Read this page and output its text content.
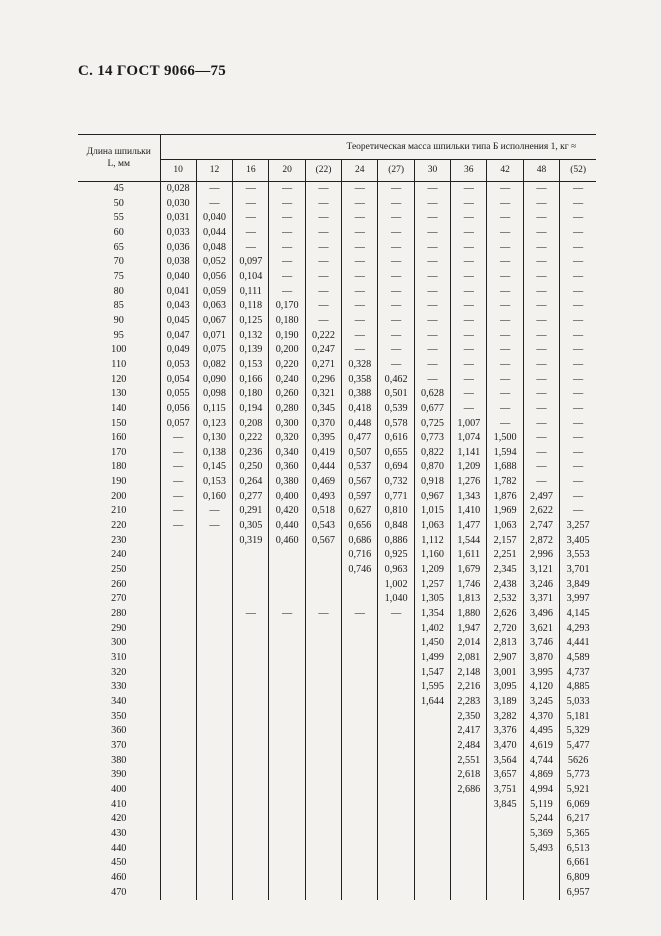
С. 14 ГОСТ 9066—75
Длина шпильки
L, мм	Теоретическая масса шпильки типа Б исполнения 1, кг ≈											
	10	12	16	20	(22)	24	(27)	30	36	42	48	(52)
45	0,028	—	—	—	—	—	—	—	—	—	—	—
50	0,030	—	—	—	—	—	—	—	—	—	—	—
55	0,031	0,040	—	—	—	—	—	—	—	—	—	—
60	0,033	0,044	—	—	—	—	—	—	—	—	—	—
65	0,036	0,048	—	—	—	—	—	—	—	—	—	—
70	0,038	0,052	0,097	—	—	—	—	—	—	—	—	—
75	0,040	0,056	0,104	—	—	—	—	—	—	—	—	—
80	0,041	0,059	0,111	—	—	—	—	—	—	—	—	—
85	0,043	0,063	0,118	0,170	—	—	—	—	—	—	—	—
90	0,045	0,067	0,125	0,180	—	—	—	—	—	—	—	—
95	0,047	0,071	0,132	0,190	0,222	—	—	—	—	—	—	—
100	0,049	0,075	0,139	0,200	0,247	—	—	—	—	—	—	—
110	0,053	0,082	0,153	0,220	0,271	0,328	—	—	—	—	—	—
120	0,054	0,090	0,166	0,240	0,296	0,358	0,462	—	—	—	—	—
130	0,055	0,098	0,180	0,260	0,321	0,388	0,501	0,628	—	—	—	—
140	0,056	0,115	0,194	0,280	0,345	0,418	0,539	0,677	—	—	—	—
150	0,057	0,123	0,208	0,300	0,370	0,448	0,578	0,725	1,007	—	—	—
160	—	0,130	0,222	0,320	0,395	0,477	0,616	0,773	1,074	1,500	—	—
170	—	0,138	0,236	0,340	0,419	0,507	0,655	0,822	1,141	1,594	—	—
180	—	0,145	0,250	0,360	0,444	0,537	0,694	0,870	1,209	1,688	—	—
190	—	0,153	0,264	0,380	0,469	0,567	0,732	0,918	1,276	1,782	—	—
200	—	0,160	0,277	0,400	0,493	0,597	0,771	0,967	1,343	1,876	2,497	—
210	—	—	0,291	0,420	0,518	0,627	0,810	1,015	1,410	1,969	2,622	—
220	—	—	0,305	0,440	0,543	0,656	0,848	1,063	1,477	1,063	2,747	3,257
230			0,319	0,460	0,567	0,686	0,886	1,112	1,544	2,157	2,872	3,405
240						0,716	0,925	1,160	1,611	2,251	2,996	3,553
250						0,746	0,963	1,209	1,679	2,345	3,121	3,701
260							1,002	1,257	1,746	2,438	3,246	3,849
270							1,040	1,305	1,813	2,532	3,371	3,997
280			—	—	—	—	—	1,354	1,880	2,626	3,496	4,145
290								1,402	1,947	2,720	3,621	4,293
300								1,450	2,014	2,813	3,746	4,441
310								1,499	2,081	2,907	3,870	4,589
320								1,547	2,148	3,001	3,995	4,737
330								1,595	2,216	3,095	4,120	4,885
340								1,644	2,283	3,189	3,245	5,033
350									2,350	3,282	4,370	5,181
360									2,417	3,376	4,495	5,329
370									2,484	3,470	4,619	5,477
380									2,551	3,564	4,744	5626
390									2,618	3,657	4,869	5,773
400									2,686	3,751	4,994	5,921
410										3,845	5,119	6,069
420											5,244	6,217
430											5,369	5,365
440											5,493	6,513
450												6,661
460												6,809
470												6,957
